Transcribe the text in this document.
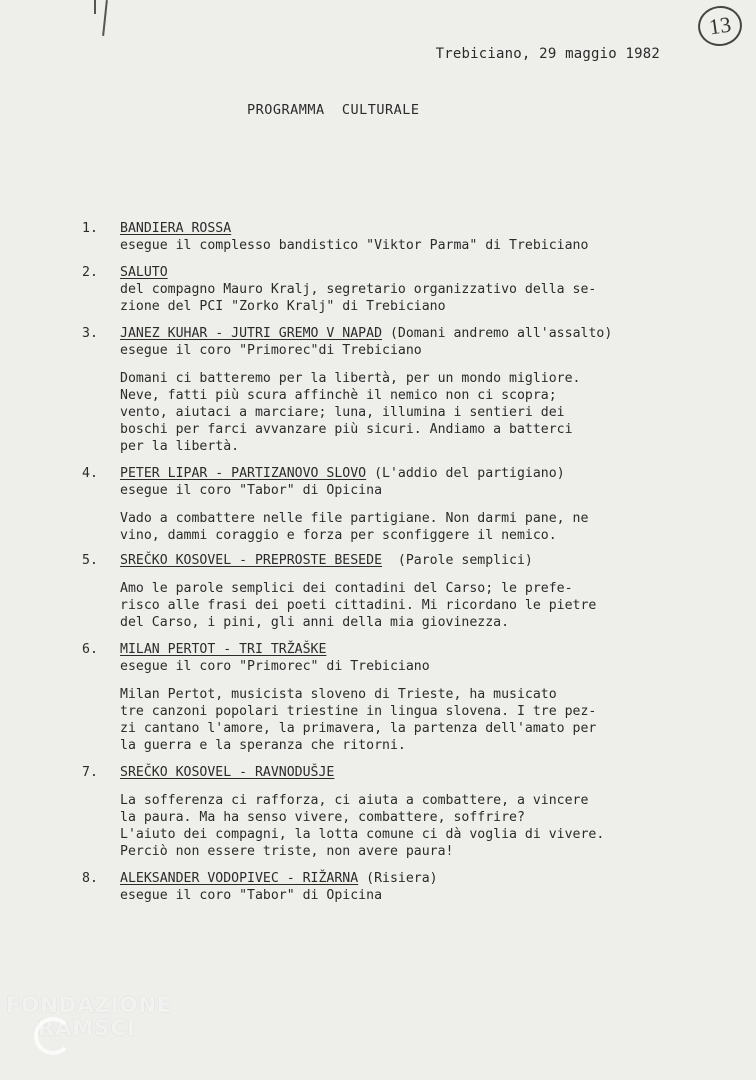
13
Trebiciano, 29 maggio 1982
PROGRAMMA  CULTURALE
1. BANDIERA ROSSA
esegue il complesso bandistico "Viktor Parma" di Trebiciano
2. SALUTO
del compagno Mauro Kralj, segretario organizzativo della se-
zione del PCI "Zorko Kralj" di Trebiciano
3. JANEZ KUHAR - JUTRI GREMO V NAPAD (Domani andremo all'assalto)
esegue il coro "Primorec"di Trebiciano
Domani ci batteremo per la libertà, per un mondo migliore.
Neve, fatti più scura affinchè il nemico non ci scopra;
vento, aiutaci a marciare; luna, illumina i sentieri dei
boschi per farci avvanzare più sicuri. Andiamo a batterci
per la libertà.
4. PETER LIPAR - PARTIZANOVO SLOVO (L'addio del partigiano)
esegue il coro "Tabor" di Opicina
Vado a combattere nelle file partigiane. Non darmi pane, ne
vino, dammi coraggio e forza per sconfiggere il nemico.
5. SREČKO KOSOVEL - PREPROSTE BESEDE  (Parole semplici)
Amo le parole semplici dei contadini del Carso; le prefe-
risco alle frasi dei poeti cittadini. Mi ricordano le pietre
del Carso, i pini, gli anni della mia giovinezza.
6. MILAN PERTOT - TRI TRŽAŠKE
esegue il coro "Primorec" di Trebiciano
Milan Pertot, musicista sloveno di Trieste, ha musicato
tre canzoni popolari triestine in lingua slovena. I tre pez-
zi cantano l'amore, la primavera, la partenza dell'amato per
la guerra e la speranza che ritorni.
7. SREČKO KOSOVEL - RAVNODUŠJE
La sofferenza ci rafforza, ci aiuta a combattere, a vincere
la paura. Ma ha senso vivere, combattere, soffrire?
L'aiuto dei compagni, la lotta comune ci dà voglia di vivere.
Perciò non essere triste, non avere paura!
8. ALEKSANDER VODOPIVEC - RIŽARNA (Risiera)
esegue il coro "Tabor" di Opicina
FONDAZIONE
RAMSCI
